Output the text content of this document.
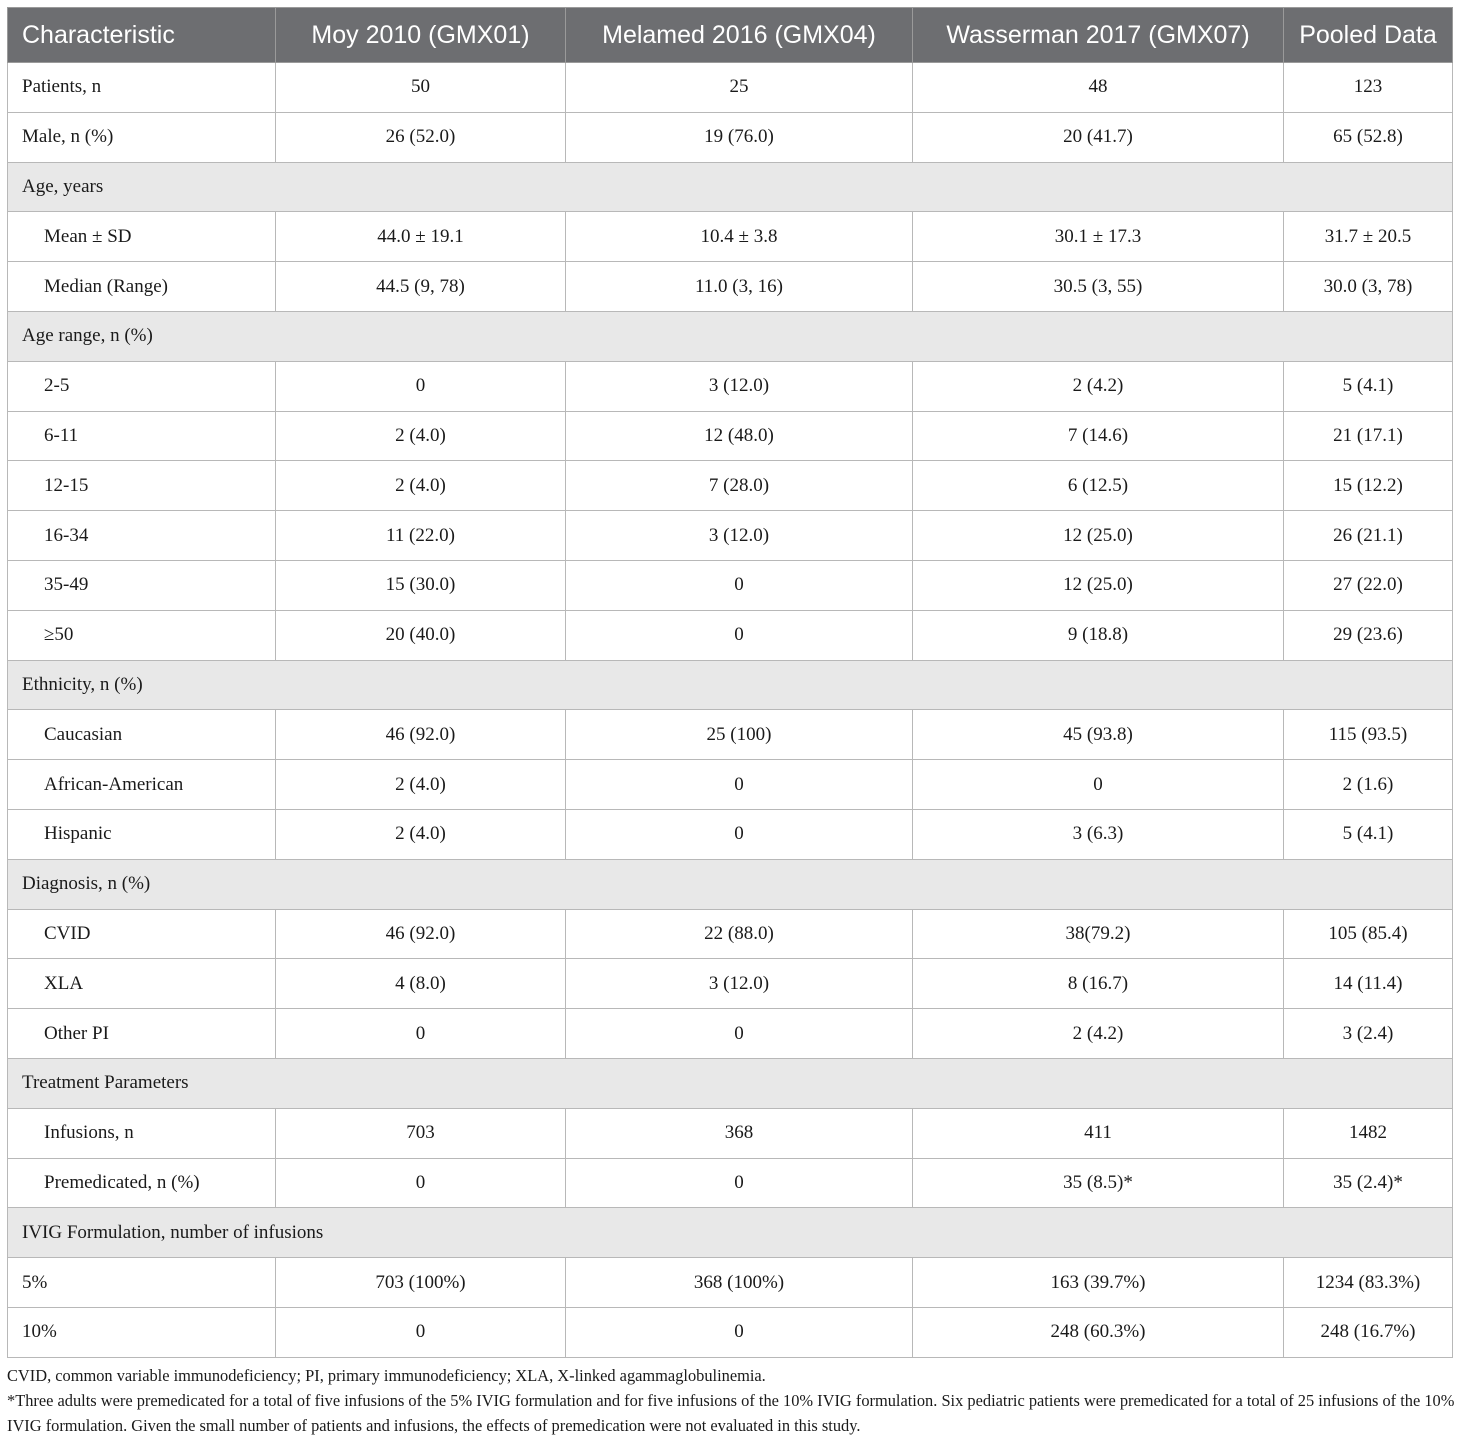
Characteristic	Moy 2010 (GMX01)	Melamed 2016 (GMX04)	Wasserman 2017 (GMX07)	Pooled Data
Patients, n	50	25	48	123
Male, n (%)	26 (52.0)	19 (76.0)	20 (41.7)	65 (52.8)
Age, years				
Mean ± SD	44.0 ± 19.1	10.4 ± 3.8	30.1 ± 17.3	31.7 ± 20.5
Median (Range)	44.5 (9, 78)	11.0 (3, 16)	30.5 (3, 55)	30.0 (3, 78)
Age range, n (%)				
2-5	0	3 (12.0)	2 (4.2)	5 (4.1)
6-11	2 (4.0)	12 (48.0)	7 (14.6)	21 (17.1)
12-15	2 (4.0)	7 (28.0)	6 (12.5)	15 (12.2)
16-34	11 (22.0)	3 (12.0)	12 (25.0)	26 (21.1)
35-49	15 (30.0)	0	12 (25.0)	27 (22.0)
≥50	20 (40.0)	0	9 (18.8)	29 (23.6)
Ethnicity, n (%)				
Caucasian	46 (92.0)	25 (100)	45 (93.8)	115 (93.5)
African-American	2 (4.0)	0	0	2 (1.6)
Hispanic	2 (4.0)	0	3 (6.3)	5 (4.1)
Diagnosis, n (%)				
CVID	46 (92.0)	22 (88.0)	38(79.2)	105 (85.4)
XLA	4 (8.0)	3 (12.0)	8 (16.7)	14 (11.4)
Other PI	0	0	2 (4.2)	3 (2.4)
Treatment Parameters				
Infusions, n	703	368	411	1482
Premedicated, n (%)	0	0	35 (8.5)*	35 (2.4)*
IVIG Formulation, number of infusions				
5%	703 (100%)	368 (100%)	163 (39.7%)	1234 (83.3%)
10%	0	0	248 (60.3%)	248 (16.7%)

CVID, common variable immunodeficiency; PI, primary immunodeficiency; XLA, X-linked agammaglobulinemia.

*Three adults were premedicated for a total of five infusions of the 5% IVIG formulation and for five infusions of the 10% IVIG formulation. Six pediatric patients were premedicated for a total of 25 infusions of the 10% IVIG formulation. Given the small number of patients and infusions, the effects of premedication were not evaluated in this study.
